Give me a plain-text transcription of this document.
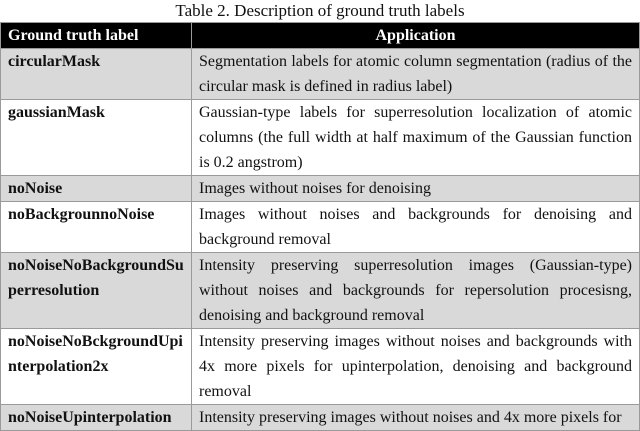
Table 2. Description of ground truth labels
Ground truth label	Application
circularMask	Segmentation labels for atomic column segmentation (radius of the circular mask is defined in radius label)
gaussianMask	Gaussian-type labels for superresolution localization of atomic columns (the full width at half maximum of the Gaussian function is 0.2 angstrom)
noNoise	Images without noises for denoising
noBackgrounnoNoise	Images without noises and backgrounds for denoising and background removal
noNoiseNoBackgroundSuperresolution	Intensity preserving superresolution images (Gaussian-type) without noises and backgrounds for repersolution procesisng, denoising and background removal
noNoiseNoBckgroundUpinterpolation2x	Intensity preserving images without noises and backgrounds with 4x more pixels for upinterpolation, denoising and background removal
noNoiseUpinterpolation	Intensity preserving images without noises and 4x more pixels for
